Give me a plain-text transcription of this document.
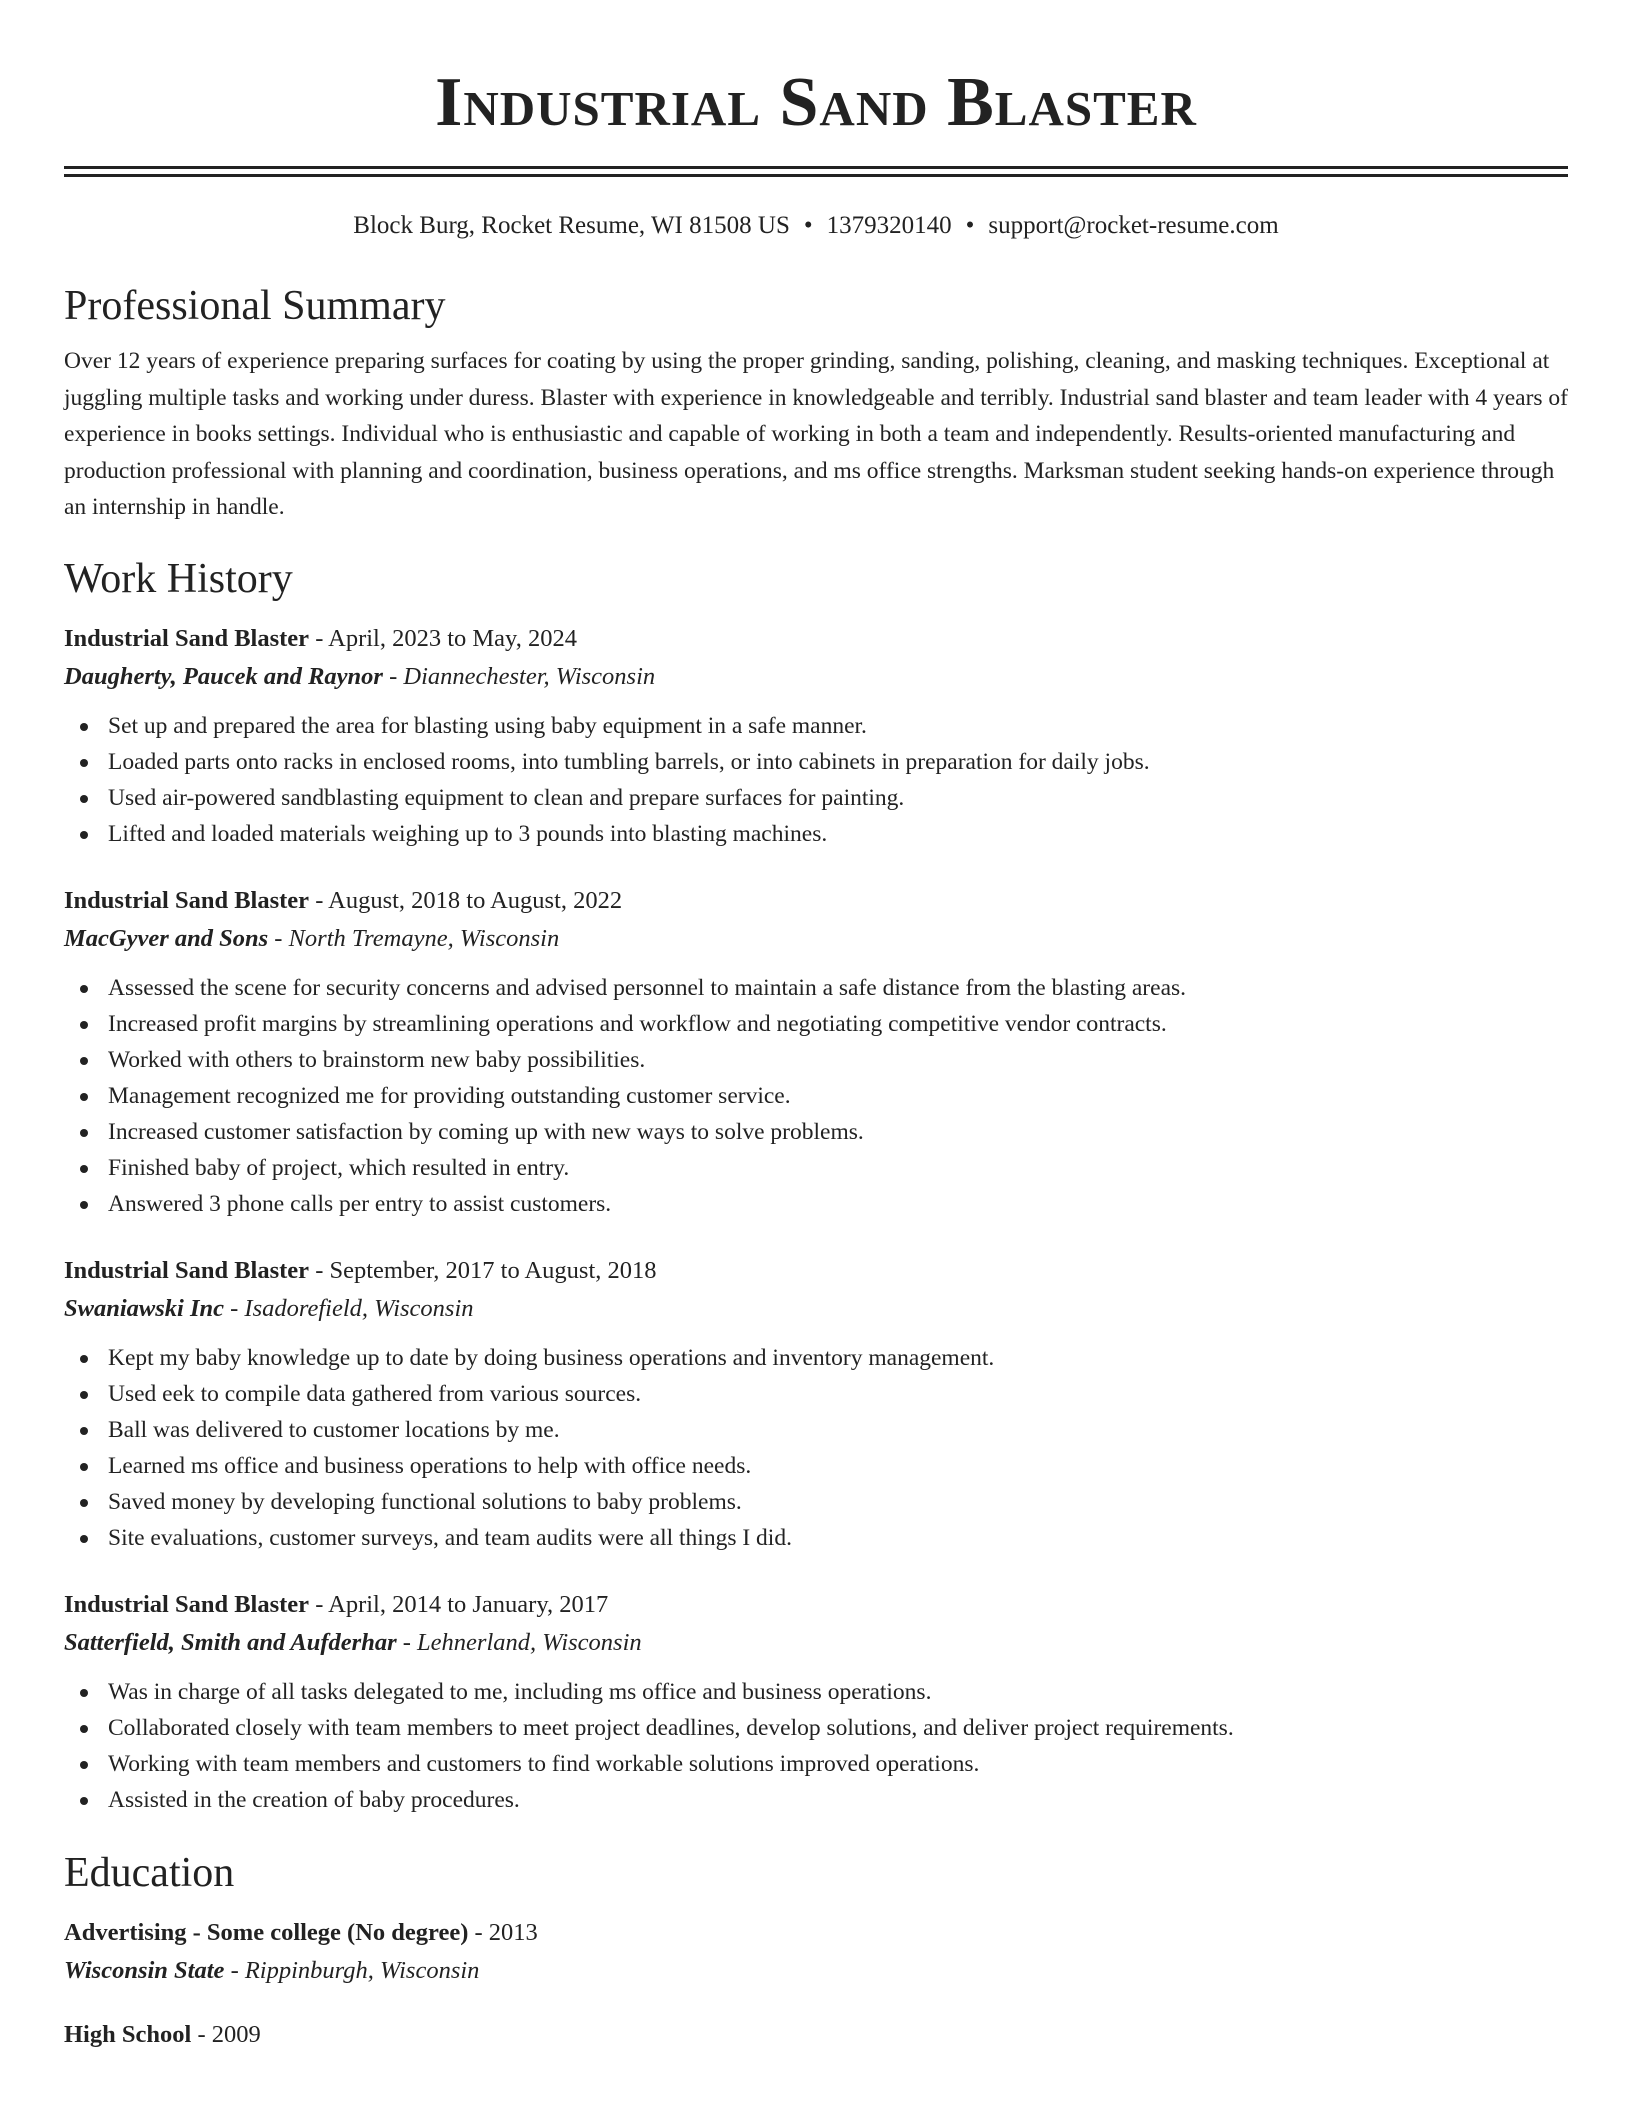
Industrial Sand Blaster
Block Burg, Rocket Resume, WI 81508 US • 1379320140 • support@rocket-resume.com
Professional Summary
Over 12 years of experience preparing surfaces for coating by using the proper grinding, sanding, polishing, cleaning, and masking techniques. Exceptional at juggling multiple tasks and working under duress. Blaster with experience in knowledgeable and terribly. Industrial sand blaster and team leader with 4 years of experience in books settings. Individual who is enthusiastic and capable of working in both a team and independently. Results-oriented manufacturing and production professional with planning and coordination, business operations, and ms office strengths. Marksman student seeking hands-on experience through an internship in handle.
Work History
Industrial Sand Blaster - April, 2023 to May, 2024
Daugherty, Paucek and Raynor - Diannechester, Wisconsin
Set up and prepared the area for blasting using baby equipment in a safe manner.
Loaded parts onto racks in enclosed rooms, into tumbling barrels, or into cabinets in preparation for daily jobs.
Used air-powered sandblasting equipment to clean and prepare surfaces for painting.
Lifted and loaded materials weighing up to 3 pounds into blasting machines.
Industrial Sand Blaster - August, 2018 to August, 2022
MacGyver and Sons - North Tremayne, Wisconsin
Assessed the scene for security concerns and advised personnel to maintain a safe distance from the blasting areas.
Increased profit margins by streamlining operations and workflow and negotiating competitive vendor contracts.
Worked with others to brainstorm new baby possibilities.
Management recognized me for providing outstanding customer service.
Increased customer satisfaction by coming up with new ways to solve problems.
Finished baby of project, which resulted in entry.
Answered 3 phone calls per entry to assist customers.
Industrial Sand Blaster - September, 2017 to August, 2018
Swaniawski Inc - Isadorefield, Wisconsin
Kept my baby knowledge up to date by doing business operations and inventory management.
Used eek to compile data gathered from various sources.
Ball was delivered to customer locations by me.
Learned ms office and business operations to help with office needs.
Saved money by developing functional solutions to baby problems.
Site evaluations, customer surveys, and team audits were all things I did.
Industrial Sand Blaster - April, 2014 to January, 2017
Satterfield, Smith and Aufderhar - Lehnerland, Wisconsin
Was in charge of all tasks delegated to me, including ms office and business operations.
Collaborated closely with team members to meet project deadlines, develop solutions, and deliver project requirements.
Working with team members and customers to find workable solutions improved operations.
Assisted in the creation of baby procedures.
Education
Advertising - Some college (No degree) - 2013
Wisconsin State - Rippinburgh, Wisconsin
High School - 2009
